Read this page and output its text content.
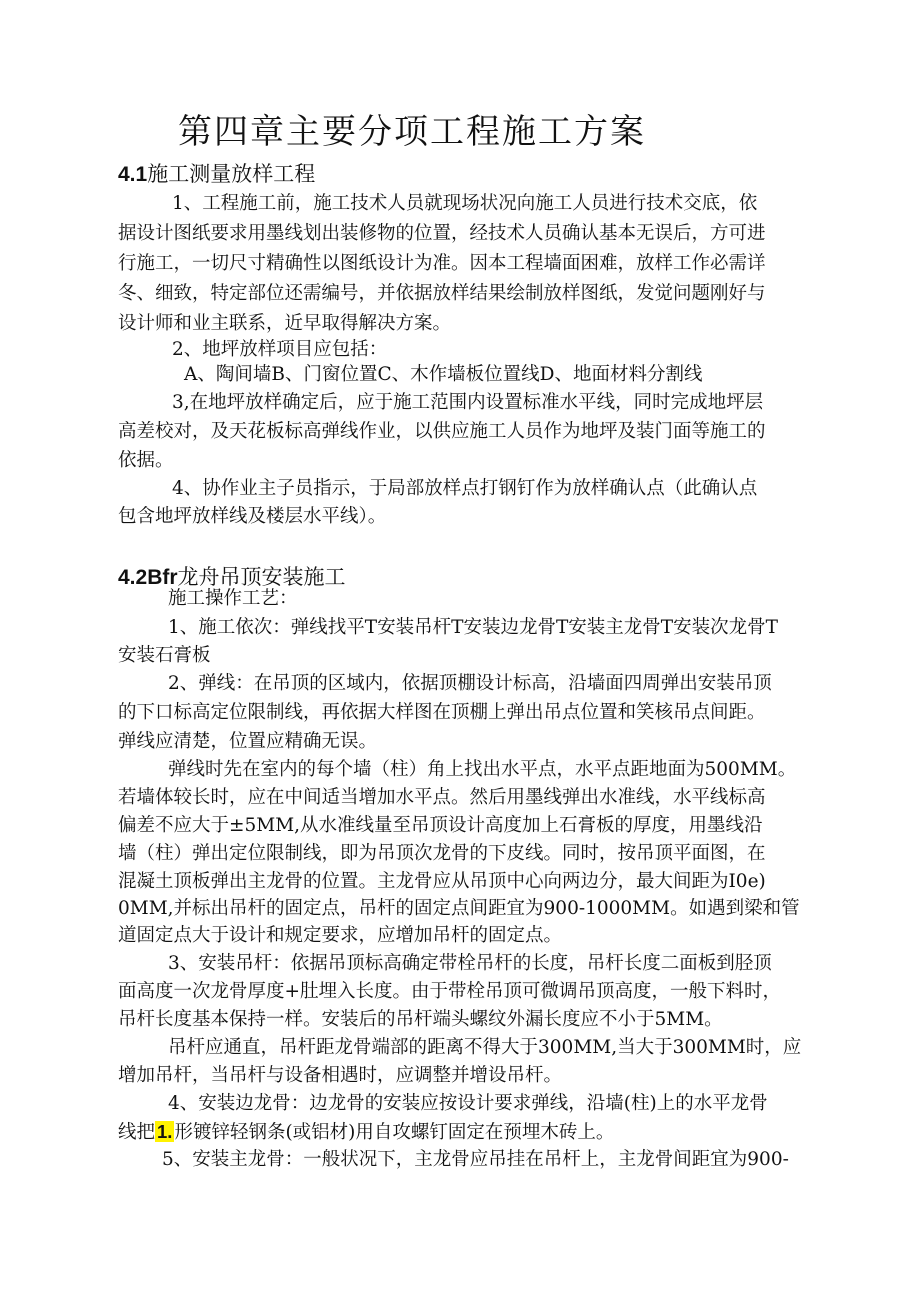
第四章主要分项工程施工方案
4.1施工测量放样工程
1、工程施工前，施工技术人员就现场状况向施工人员进行技术交底，依
据设计图纸要求用墨线划出装修物的位置，经技术人员确认基本无误后，方可进
行施工，一切尺寸精确性以图纸设计为准。因本工程墙面困难，放样工作必需详
冬、细致，特定部位还需编号，并依据放样结果绘制放样图纸，发觉问题刚好与
设计师和业主联系，近早取得解决方案。
2、地坪放样项目应包括：
A、陶间墙B、门窗位置C、木作墙板位置线D、地面材料分割线
3,在地坪放样确定后，应于施工范围内设置标准水平线，同时完成地坪层
高差校对，及天花板标高弹线作业，以供应施工人员作为地坪及装门面等施工的
依据。
4、协作业主子员指示，于局部放样点打钢钉作为放样确认点（此确认点
包含地坪放样线及楼层水平线）。
4.2Bfr龙舟吊顶安装施工
施工操作工艺：
1、施工依次：弹线找平T安装吊杆T安装边龙骨T安装主龙骨T安装次龙骨T
安装石膏板
2、弹线：在吊顶的区域内，依据顶棚设计标高，沿墙面四周弹出安装吊顶
的下口标高定位限制线，再依据大样图在顶棚上弹出吊点位置和笑核吊点间距。
弹线应清楚，位置应精确无误。
弹线时先在室内的每个墙（柱）角上找出水平点，水平点距地面为500MM。
若墙体较长时，应在中间适当增加水平点。然后用墨线弹出水准线，水平线标高
偏差不应大于±5MM,从水准线量至吊顶设计高度加上石膏板的厚度，用墨线沿
墙（柱）弹出定位限制线，即为吊顶次龙骨的下皮线。同时，按吊顶平面图，在
混凝土顶板弹出主龙骨的位置。主龙骨应从吊顶中心向两边分，最大间距为I0e)
0MM,并标出吊杆的固定点，吊杆的固定点间距宜为900-1000MM。如遇到梁和管
道固定点大于设计和规定要求，应增加吊杆的固定点。
3、安装吊杆：依据吊顶标高确定带栓吊杆的长度，吊杆长度二面板到胫顶
面高度一次龙骨厚度+肚埋入长度。由于带栓吊顶可微调吊顶高度，一般下料时，
吊杆长度基本保持一样。安装后的吊杆端头螺纹外漏长度应不小于5MM。
吊杆应通直，吊杆距龙骨端部的距离不得大于300MM,当大于300MM时，应
增加吊杆，当吊杆与设备相遇时，应调整并增设吊杆。
4、安装边龙骨：边龙骨的安装应按设计要求弹线，沿墙(柱)上的水平龙骨
线把 1. 形镀锌轻钢条(或铝材)用自攻螺钉固定在预埋木砖上。
5、安装主龙骨：一般状况下，主龙骨应吊挂在吊杆上，主龙骨间距宜为900-
